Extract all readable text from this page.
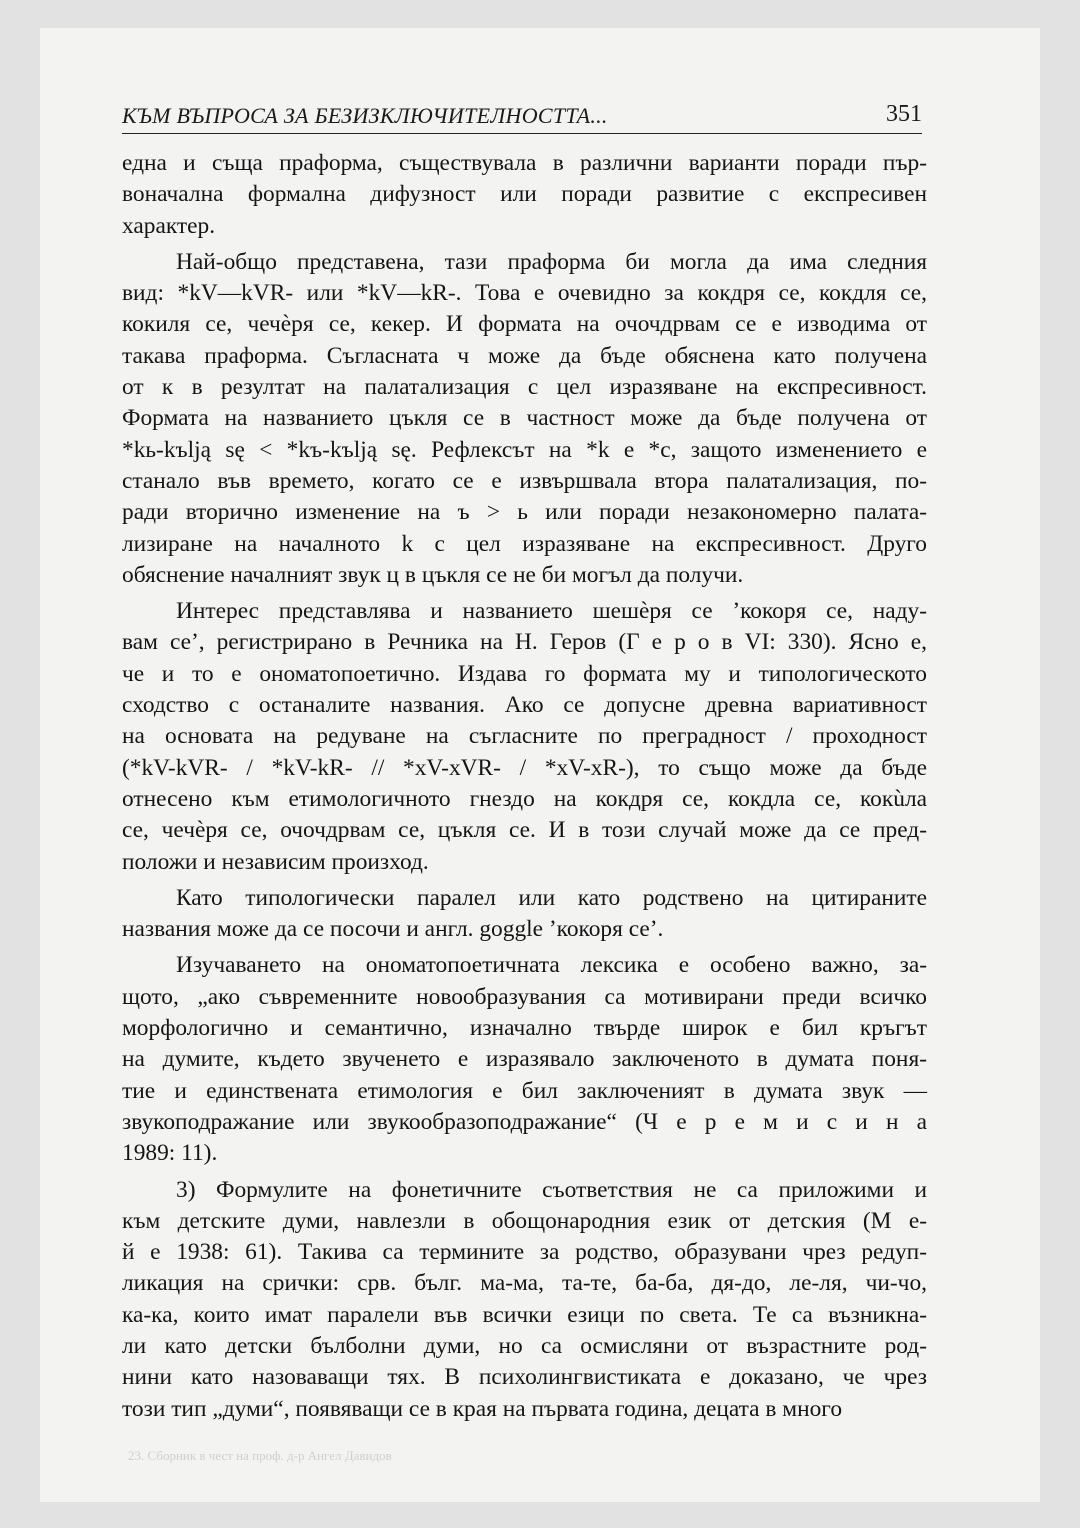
КЪМ ВЪПРОСА ЗА БЕЗИЗКЛЮЧИТЕЛНОСТТА...	351

една и съща праформа, съществувала в различни варианти поради пър-
воначална формална дифузност или поради развитие с експресивен
характер.

Най-общо представена, тази праформа би могла да има следния
вид: *kV—kVR- или *kV—kR-. Това е очевидно за кокдря се, кокдля се,
кокиля се, чечèря се, кекер. И формата на очочдрвам се е изводима от
такава праформа. Съгласната ч може да бъде обяснена като получена
от к в резултат на палатализация с цел изразяване на експресивност.
Формата на названието цъкля се в частност може да бъде получена от
*kь-kъlją sę < *kъ-kъlją sę. Рефлексът на *k е *с, защото изменението е
станало във времето, когато се е извършвала втора палатализация, по-
ради вторично изменение на ъ > ь или поради незакономерно палата-
лизиране на началното k с цел изразяване на експресивност. Друго
обяснение началният звук ц в цъкля се не би могъл да получи.

Интерес представлява и названието шешèря се ’кокоря се, наду-
вам се’, регистрирано в Речника на Н. Геров (Г е р о в VI: 330). Ясно е,
че и то е ономатопоетично. Издава го формата му и типологическото
сходство с останалите названия. Ако се допусне древна вариативност
на основата на редуване на съгласните по преградност / проходност
(*kV-kVR- / *kV-kR- // *xV-xVR- / *xV-xR-), то също може да бъде
отнесено към етимологичното гнездо на кокдря се, кокдла се, кокùла
се, чечèря се, очочдрвам се, цъкля се. И в този случай може да се пред-
положи и независим произход.

Като типологически паралел или като родствено на цитираните
названия може да се посочи и англ. goggle ’кокоря се’.

Изучаването на ономатопоетичната лексика е особено важно, за-
щото, „ако съвременните новообразувания са мотивирани преди всичко
морфологично и семантично, изначално твърде широк е бил кръгът
на думите, където звученето е изразявало заключеното в думата поня-
тие и единствената етимология е бил заключеният в думата звук —
звукоподражание или звукообразоподражание“ (Ч е р е м и с и н а
1989: 11).

3) Формулите на фонетичните съответствия не са приложими и
към детските думи, навлезли в обощонародния език от детския (М е-
й е 1938: 61). Такива са термините за родство, образувани чрез редуп-
ликация на срички: срв. бълг. ма-ма, та-те, ба-ба, дя-до, ле-ля, чи-чо,
ка-ка, които имат паралели във всички езици по света. Те са възникна-
ли като детски бълболни думи, но са осмисляни от възрастните род-
нини като назоваващи тях. В психолингвистиката е доказано, че чрез
този тип „думи“, появяващи се в края на първата година, децата в много

23. Сборник в чест на проф. д-р Ангел Давидов
